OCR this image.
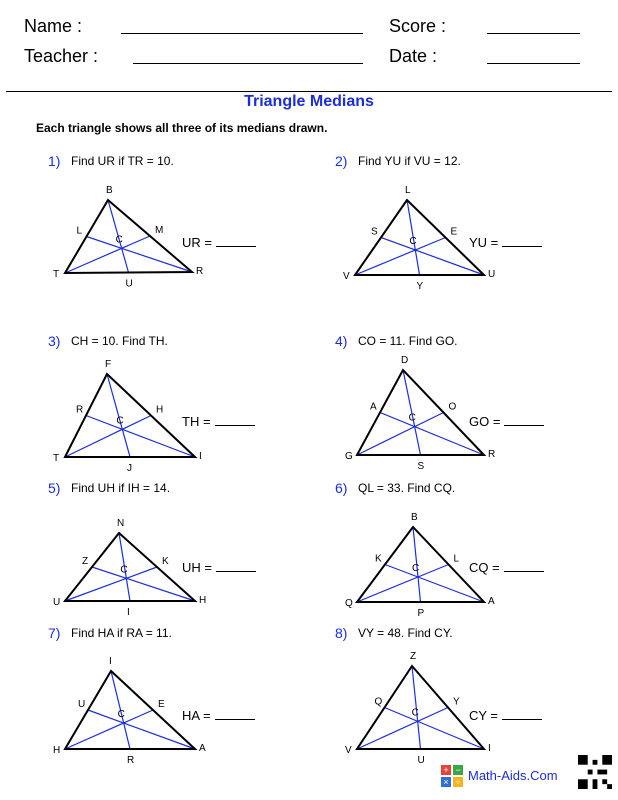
Name :	Score :
Teacher :	Date :
Triangle Medians
Each triangle shows all three of its medians drawn.
1) Find UR if TR = 10.
UR =
B
T	R
L	M
U
C
2) Find YU if VU = 12.
YU =
L
V	U
S	E
Y
C
3) CH = 10. Find TH.
TH =
F
T	I
R	H
J
C
4) CO = 11. Find GO.
GO =
D
G	R
A	O
S
C
5) Find UH if IH = 14.
UH =
N
U	H
Z	K
I
C
6) QL = 33. Find CQ.
CQ =
B
Q	A
K	L
P
C
7) Find HA if RA = 11.
HA =
I
H	A
U	E
R
C
8) VY = 48. Find CY.
CY =
Z
V	I
Q	Y
U
C
+ −
× ÷ Math-Aids.Com
